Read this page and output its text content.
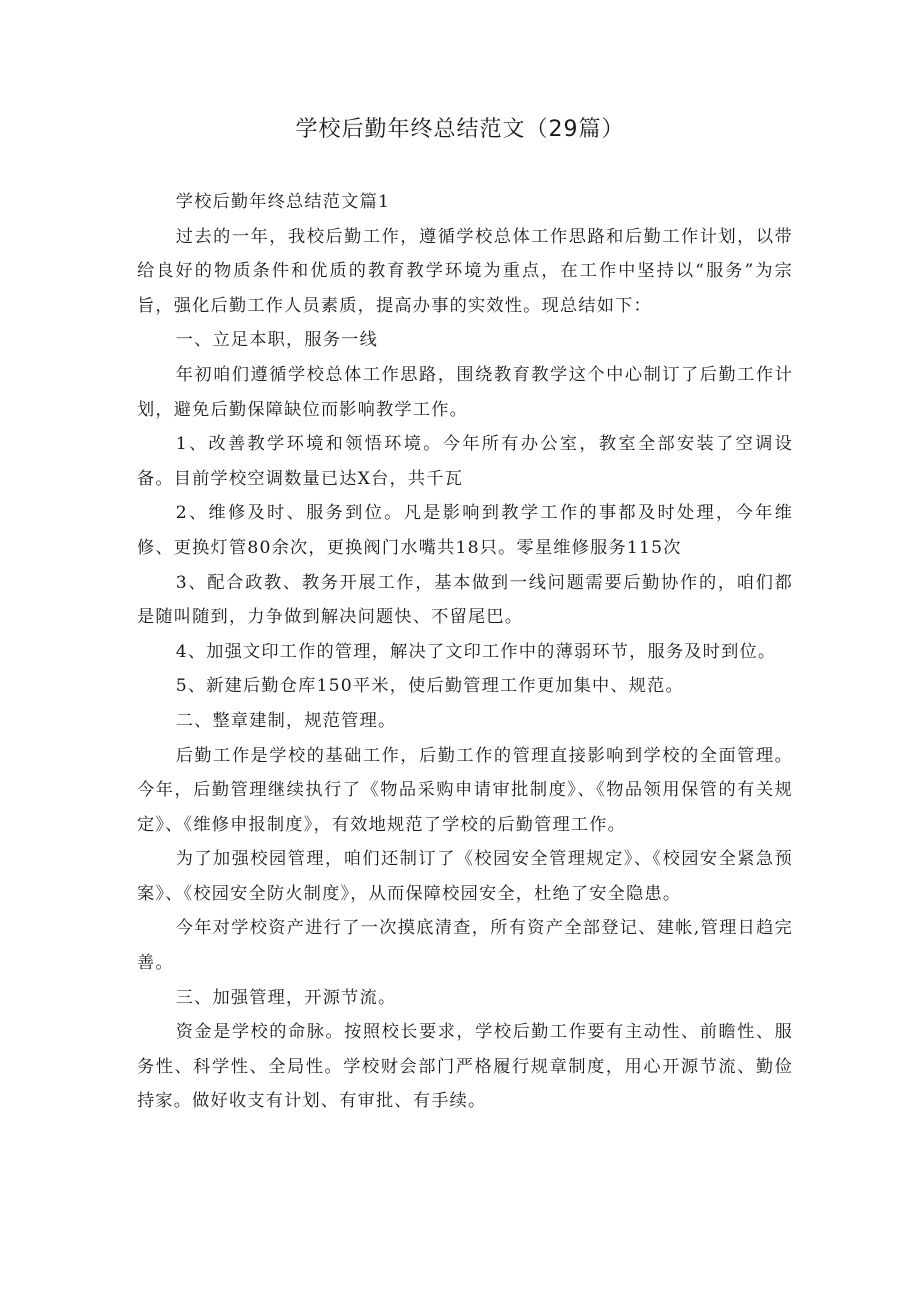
学校后勤年终总结范文（29篇）

学校后勤年终总结范文篇1

过去的一年，我校后勤工作，遵循学校总体工作思路和后勤工作计划，以带给良好的物质条件和优质的教育教学环境为重点，在工作中坚持以“服务”为宗旨，强化后勤工作人员素质，提高办事的实效性。现总结如下：

一、立足本职，服务一线

年初咱们遵循学校总体工作思路，围绕教育教学这个中心制订了后勤工作计划，避免后勤保障缺位而影响教学工作。

1、改善教学环境和领悟环境。今年所有办公室，教室全部安装了空调设备。目前学校空调数量已达X台，共千瓦

2、维修及时、服务到位。凡是影响到教学工作的事都及时处理，今年维修、更换灯管80余次，更换阀门水嘴共18只。零星维修服务115次

3、配合政教、教务开展工作，基本做到一线问题需要后勤协作的，咱们都是随叫随到，力争做到解决问题快、不留尾巴。

4、加强文印工作的管理，解决了文印工作中的薄弱环节，服务及时到位。

5、新建后勤仓库150平米，使后勤管理工作更加集中、规范。

二、整章建制，规范管理。

后勤工作是学校的基础工作，后勤工作的管理直接影响到学校的全面管理。今年，后勤管理继续执行了《物品采购申请审批制度》、《物品领用保管的有关规定》、《维修申报制度》，有效地规范了学校的后勤管理工作。

为了加强校园管理，咱们还制订了《校园安全管理规定》、《校园安全紧急预案》、《校园安全防火制度》，从而保障校园安全，杜绝了安全隐患。

今年对学校资产进行了一次摸底清查，所有资产全部登记、建帐,管理日趋完善。

三、加强管理，开源节流。

资金是学校的命脉。按照校长要求，学校后勤工作要有主动性、前瞻性、服务性、科学性、全局性。学校财会部门严格履行规章制度，用心开源节流、勤俭持家。做好收支有计划、有审批、有手续。
